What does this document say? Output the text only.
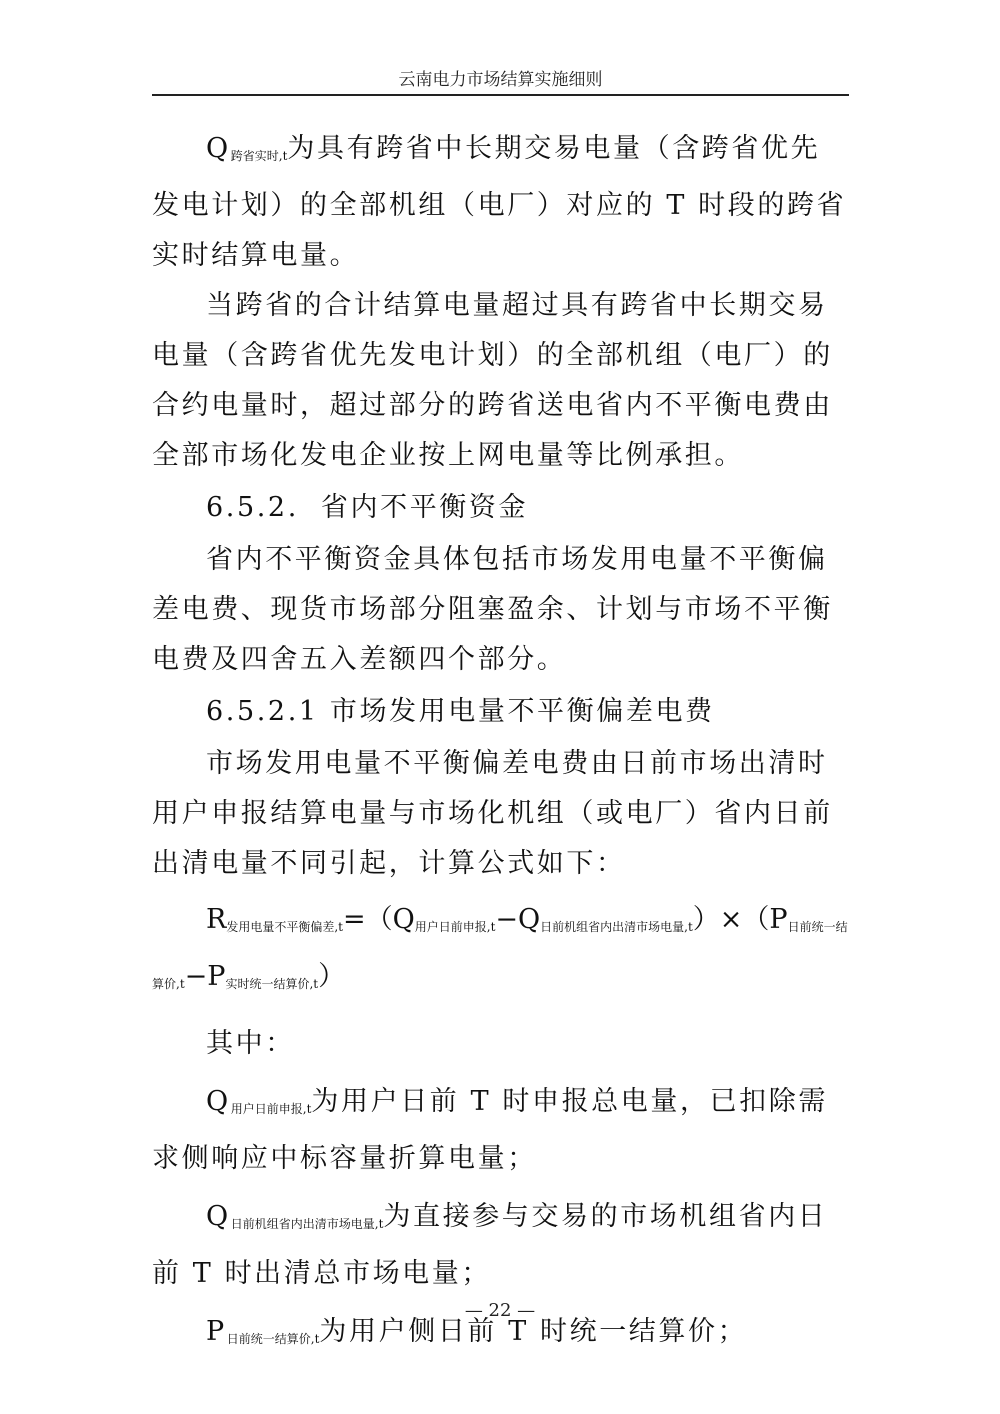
云南电力市场结算实施细则

$Q_{跨省实时,t}$为具有跨省中长期交易电量（含跨省优先发电计划）的全部机组（电厂）对应的 T 时段的跨省实时结算电量。

当跨省的合计结算电量超过具有跨省中长期交易电量（含跨省优先发电计划）的全部机组（电厂）的合约电量时，超过部分的跨省送电省内不平衡电费由全部市场化发电企业按上网电量等比例承担。

6.5.2. 省内不平衡资金

省内不平衡资金具体包括市场发用电量不平衡偏差电费、现货市场部分阻塞盈余、计划与市场不平衡电费及四舍五入差额四个部分。

6.5.2.1 市场发用电量不平衡偏差电费

市场发用电量不平衡偏差电费由日前市场出清时用户申报结算电量与市场化机组（或电厂）省内日前出清电量不同引起，计算公式如下：

$R_{发用电量不平衡偏差,t}=(Q_{用户日前申报,t}-Q_{日前机组省内出清市场电量,t})\times(P_{日前统一结算价,t}-P_{实时统一结算价,t})$

其中：

$Q_{用户日前申报,t}$为用户日前 T 时申报总电量，已扣除需求侧响应中标容量折算电量；

$Q_{日前机组省内出清市场电量,t}$为直接参与交易的市场机组省内日前 T 时出清总市场电量；

$P_{日前统一结算价,t}$为用户侧日前 T 时统一结算价；

— 22 —
